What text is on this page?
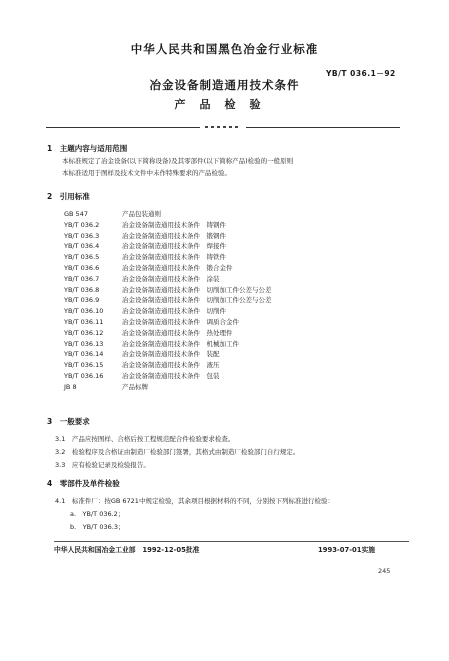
中华人民共和国黑色冶金行业标准
YB/T 036.1－92
冶金设备制造通用技术条件
产品检验
1　主题内容与适用范围
本标准规定了冶金设备(以下简称设备)及其零部件(以下简称产品)检验的一般原则
本标准适用于图样及技术文件中未作特殊要求的产品检验。
2　引用标准
GB 547	产品包装通则
YB/T 036.2	冶金设备制造通用技术条件　铸钢件
YB/T 036.3	冶金设备制造通用技术条件　锻钢件
YB/T 036.4	冶金设备制造通用技术条件　焊接件
YB/T 036.5	冶金设备制造通用技术条件　铸铁件
YB/T 036.6	冶金设备制造通用技术条件　锻合金件
YB/T 036.7	冶金设备制造通用技术条件　涂装
YB/T 036.8	冶金设备制造通用技术条件　切削加工件公差与公差
YB/T 036.9	冶金设备制造通用技术条件　切削加工件公差与公差
YB/T 036.10	冶金设备制造通用技术条件　切削件
YB/T 036.11	冶金设备制造通用技术条件　调质合金件
YB/T 036.12	冶金设备制造通用技术条件　热处理件
YB/T 036.13	冶金设备制造通用技术条件　机械加工件
YB/T 036.14	冶金设备制造通用技术条件　装配
YB/T 036.15	冶金设备制造通用技术条件　液压
YB/T 036.16	冶金设备制造通用技术条件　包装
JB 8	产品标牌
3　一般要求
3.1　产品应按图样、合格后按工程规范配合件检验要求检查。
3.2　检验程序及合格证由制造厂检验部门签署，其格式由制造厂检验部门自行规定。
3.3　应有检验记录及检验报告。
4　零部件及单件检验
4.1　标准件厂：按GB 6721中规定检验，其余项目根据材料的不同，分别按下列标准进行检验：
a.　YB/T 036.2；
b.　YB/T 036.3；
中华人民共和国冶金工业部　1992-12-05批准	1993-07-01实施
245
